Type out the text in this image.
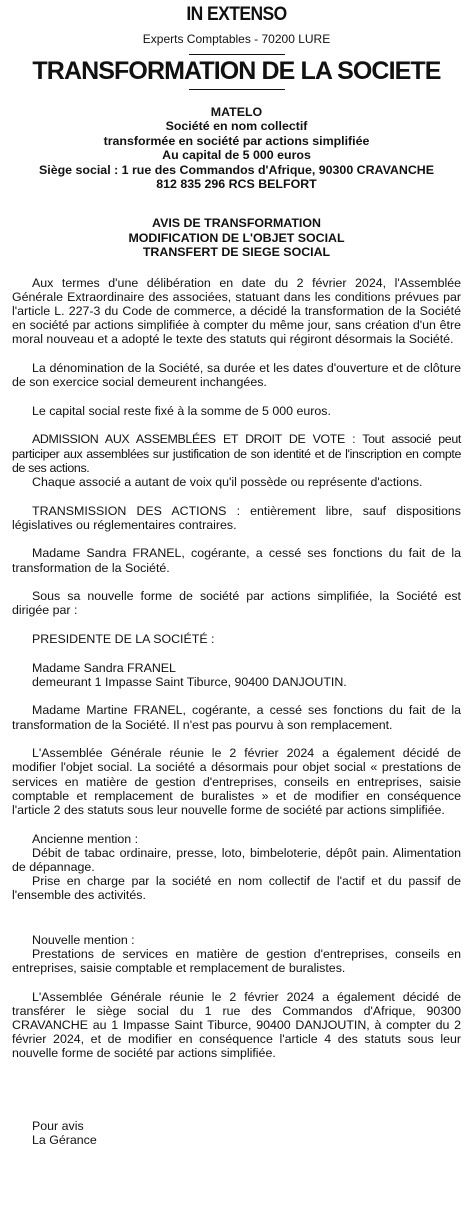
IN EXTENSO
Experts Comptables - 70200 LURE
TRANSFORMATION DE LA SOCIETE
MATELO
Société en nom collectif
transformée en société par actions simplifiée
Au capital de 5 000 euros
Siège social : 1 rue des Commandos d'Afrique, 90300 CRAVANCHE
812 835 296 RCS BELFORT
AVIS DE TRANSFORMATION
MODIFICATION DE L'OBJET SOCIAL
TRANSFERT DE SIEGE SOCIAL

Aux termes d'une délibération en date du 2 février 2024, l'Assemblée Générale Extraordinaire des associées, statuant dans les conditions prévues par l'article L. 227-3 du Code de commerce, a décidé la transformation de la Société en société par actions simplifiée à compter du même jour, sans création d'un être moral nouveau et a adopté le texte des statuts qui régiront désormais la Société.

La dénomination de la Société, sa durée et les dates d'ouverture et de clôture de son exercice social demeurent inchangées.

Le capital social reste fixé à la somme de 5 000 euros.

ADMISSION AUX ASSEMBLÉES ET DROIT DE VOTE : Tout associé peut participer aux assemblées sur justification de son identité et de l'inscription en compte de ses actions.

Chaque associé a autant de voix qu'il possède ou représente d'actions.

TRANSMISSION DES ACTIONS : entièrement libre, sauf dispositions législatives ou réglementaires contraires.

Madame Sandra FRANEL, cogérante, a cessé ses fonctions du fait de la transformation de la Société.

Sous sa nouvelle forme de société par actions simplifiée, la Société est dirigée par :

PRESIDENTE DE LA SOCIÉTÉ :

Madame Sandra FRANEL
demeurant 1 Impasse Saint Tiburce, 90400 DANJOUTIN.

Madame Martine FRANEL, cogérante, a cessé ses fonctions du fait de la transformation de la Société. Il n'est pas pourvu à son remplacement.

L'Assemblée Générale réunie le 2 février 2024 a également décidé de modifier l'objet social. La société a désormais pour objet social « prestations de services en matière de gestion d'entreprises, conseils en entreprises, saisie comptable et remplacement de buralistes » et de modifier en conséquence l'article 2 des statuts sous leur nouvelle forme de société par actions simplifiée.

Ancienne mention :

Débit de tabac ordinaire, presse, loto, bimbeloterie, dépôt pain. Alimentation de dépannage.

Prise en charge par la société en nom collectif de l'actif et du passif de l'ensemble des activités.

Nouvelle mention :

Prestations de services en matière de gestion d'entreprises, conseils en entreprises, saisie comptable et remplacement de buralistes.

L'Assemblée Générale réunie le 2 février 2024 a également décidé de transférer le siège social du 1 rue des Commandos d'Afrique, 90300 CRAVANCHE au 1 Impasse Saint Tiburce, 90400 DANJOUTIN, à compter du 2 février 2024, et de modifier en conséquence l'article 4 des statuts sous leur nouvelle forme de société par actions simplifiée.

Pour avis
La Gérance
